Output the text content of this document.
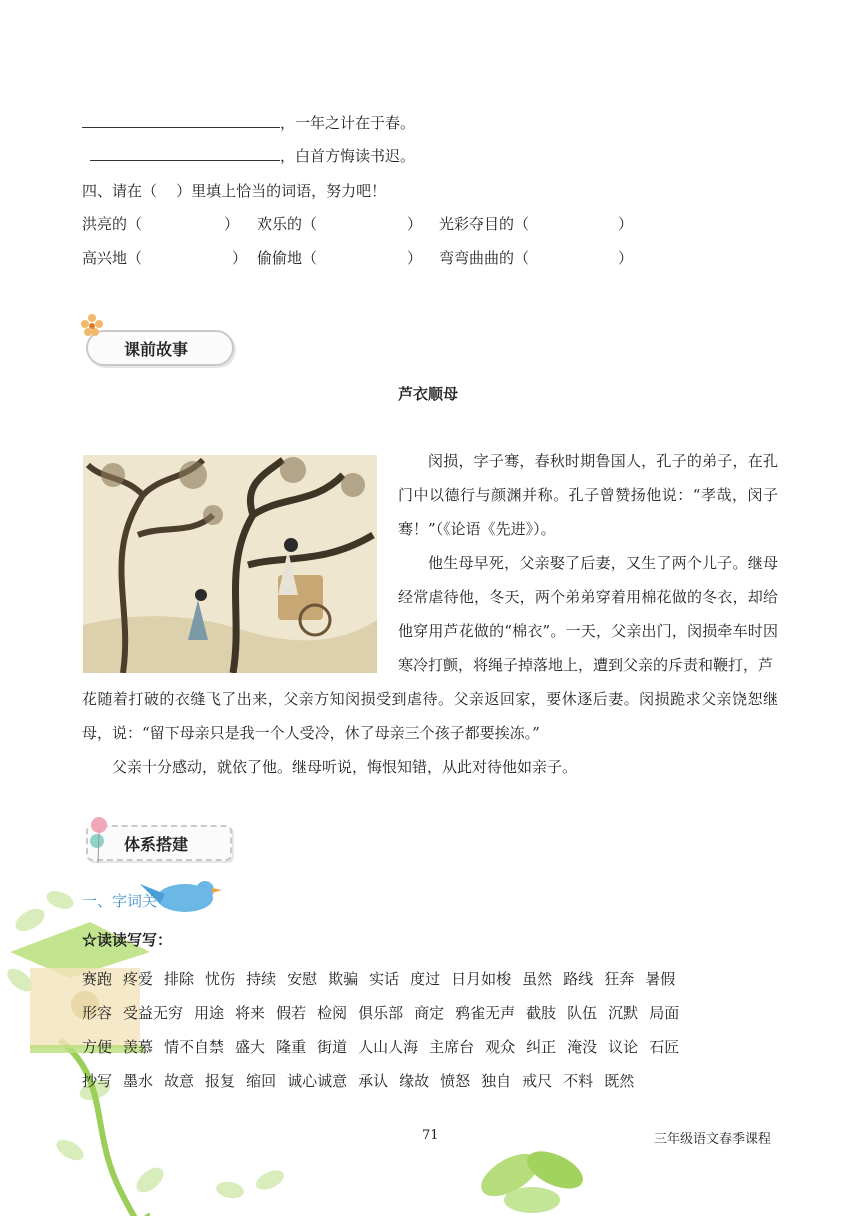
，一年之计在于春。
，白首方悔读书迟。
四、请在（    ）里填上恰当的词语，努力吧！
洪亮的（	） 欢乐的（	） 光彩夺目的（	）
高兴地（	） 偷偷地（	） 弯弯曲曲的（	）
课前故事
芦衣顺母
闵损，字子骞，春秋时期鲁国人，孔子的弟子，在孔门中以德行与颜渊并称。孔子曾赞扬他说：“孝哉，闵子骞！”（《论语《先进》）。
他生母早死，父亲娶了后妻，又生了两个儿子。继母经常虐待他，冬天，两个弟弟穿着用棉花做的冬衣，却给他穿用芦花做的“棉衣”。一天，父亲出门，闵损牵车时因寒冷打颤，将绳子掉落地上，遭到父亲的斥责和鞭打，芦
花随着打破的衣缝飞了出来，父亲方知闵损受到虐待。父亲返回家，要休逐后妻。闵损跪求父亲饶恕继母，说：“留下母亲只是我一个人受冷，休了母亲三个孩子都要挨冻。”
父亲十分感动，就依了他。继母听说，悔恨知错，从此对待他如亲子。
体系搭建
一、字词关
☆读读写写：
赛跑 疼爱 排除 忧伤 持续 安慰 欺骗 实话 度过 日月如梭 虽然 路线 狂奔 暑假
形容 受益无穷 用途 将来 假若 检阅 俱乐部 商定 鸦雀无声 截肢 队伍 沉默 局面
方便 羡慕 情不自禁 盛大 隆重 街道 人山人海 主席台 观众 纠正 淹没 议论 石匠
抄写 墨水 故意 报复 缩回 诚心诚意 承认 缘故 愤怒 独自 戒尺 不料 既然
71	三年级语文春季课程
